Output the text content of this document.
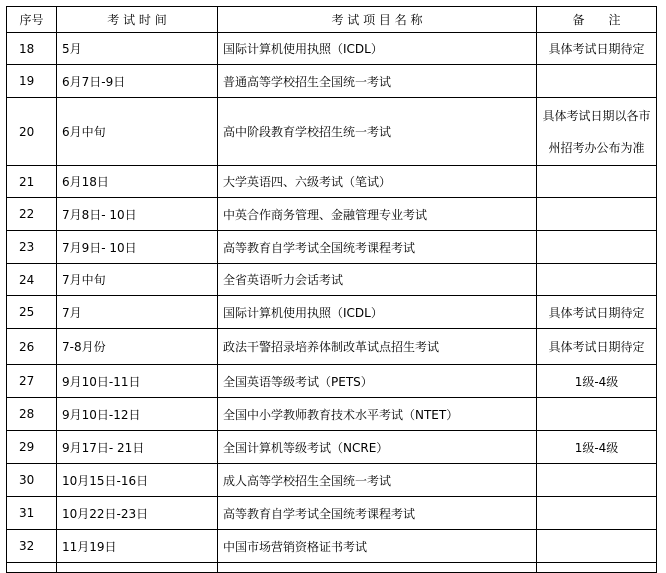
序号	考 试 时 间	考 试 项 目 名 称	备　　注
18	5月	国际计算机使用执照（ICDL）	具体考试日期待定

19	6月7日-9日	普通高等学校招生全国统一考试	
20	6月中旬	高中阶段教育学校招生统一考试	具体考试日期以各市
州招考办公布为准

21	6月18日	大学英语四、六级考试（笔试）	
22	7月8日- 10日	中英合作商务管理、金融管理专业考试	
23	7月9日- 10日	高等教育自学考试全国统考课程考试	
24	7月中旬	全省英语听力会话考试	
25	7月	国际计算机使用执照（ICDL）	具体考试日期待定

26	7-8月份	政法干警招录培养体制改革试点招生考试	具体考试日期待定

27	9月10日-11日	全国英语等级考试（PETS）	1级-4级

28	9月10日-12日	全国中小学教师教育技术水平考试（NTET）	
29	9月17日- 21日	全国计算机等级考试（NCRE）	1级-4级

30	10月15日-16日	成人高等学校招生全国统一考试	
31	10月22日-23日	高等教育自学考试全国统考课程考试	
32	11月19日	中国市场营销资格证书考试	
